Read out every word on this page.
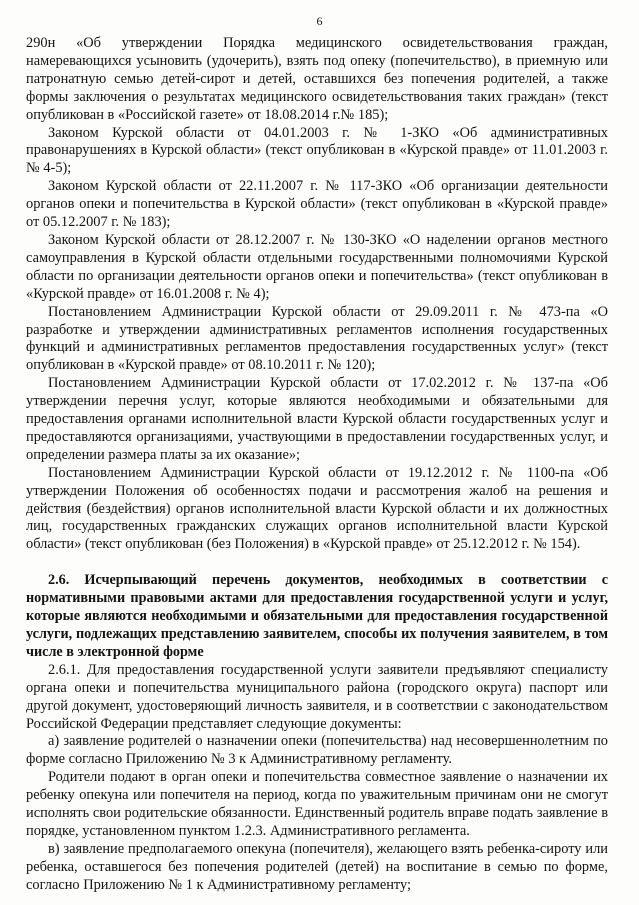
6

290н «Об утверждении Порядка медицинского освидетельствования граждан, намеревающихся усыновить (удочерить), взять под опеку (попечительство), в приемную или патронатную семью детей-сирот и детей, оставшихся без попечения родителей, а также формы заключения о результатах медицинского освидетельствования таких граждан» (текст опубликован в «Российской газете» от 18.08.2014 г.№ 185);

Законом Курской области от 04.01.2003 г. № 1-ЗКО «Об административных правонарушениях в Курской области» (текст опубликован в «Курской правде» от 11.01.2003 г. № 4-5);

Законом Курской области от 22.11.2007 г. № 117-ЗКО «Об организации деятельности органов опеки и попечительства в Курской области» (текст опубликован в «Курской правде» от 05.12.2007 г. № 183);

Законом Курской области от 28.12.2007 г. № 130-ЗКО «О наделении органов местного самоуправления в Курской области отдельными государственными полномочиями Курской области по организации деятельности органов опеки и попечительства» (текст опубликован в «Курской правде» от 16.01.2008 г. № 4);

Постановлением Администрации Курской области от 29.09.2011 г. № 473-па «О разработке и утверждении административных регламентов исполнения государственных функций и административных регламентов предоставления государственных услуг» (текст опубликован в «Курской правде» от 08.10.2011 г. № 120);

Постановлением Администрации Курской области от 17.02.2012 г. № 137-па «Об утверждении перечня услуг, которые являются необходимыми и обязательными для предоставления органами исполнительной власти Курской области государственных услуг и предоставляются организациями, участвующими в предоставлении государственных услуг, и определении размера платы за их оказание»;

Постановлением Администрации Курской области от 19.12.2012 г. № 1100-па «Об утверждении Положения об особенностях подачи и рассмотрения жалоб на решения и действия (бездействия) органов исполнительной власти Курской области и их должностных лиц, государственных гражданских служащих органов исполнительной власти Курской области» (текст опубликован (без Положения) в «Курской правде» от 25.12.2012 г. № 154).

2.6. Исчерпывающий перечень документов, необходимых в соответствии с нормативными правовыми актами для предоставления государственной услуги и услуг, которые являются необходимыми и обязательными для предоставления государственной услуги, подлежащих представлению заявителем, способы их получения заявителем, в том числе в электронной форме

2.6.1. Для предоставления государственной услуги заявители предъявляют специалисту органа опеки и попечительства муниципального района (городского округа) паспорт или другой документ, удостоверяющий личность заявителя, и в соответствии с законодательством Российской Федерации представляет следующие документы:

а) заявление родителей о назначении опеки (попечительства) над несовершеннолетним по форме согласно Приложению № 3 к Административному регламенту.

Родители подают в орган опеки и попечительства совместное заявление о назначении их ребенку опекуна или попечителя на период, когда по уважительным причинам они не смогут исполнять свои родительские обязанности. Единственный родитель вправе подать заявление в порядке, установленном пунктом 1.2.3. Административного регламента.

в) заявление предполагаемого опекуна (попечителя), желающего взять ребенка-сироту или ребенка, оставшегося без попечения родителей (детей) на воспитание в семью по форме, согласно Приложению № 1 к Административному регламенту;
